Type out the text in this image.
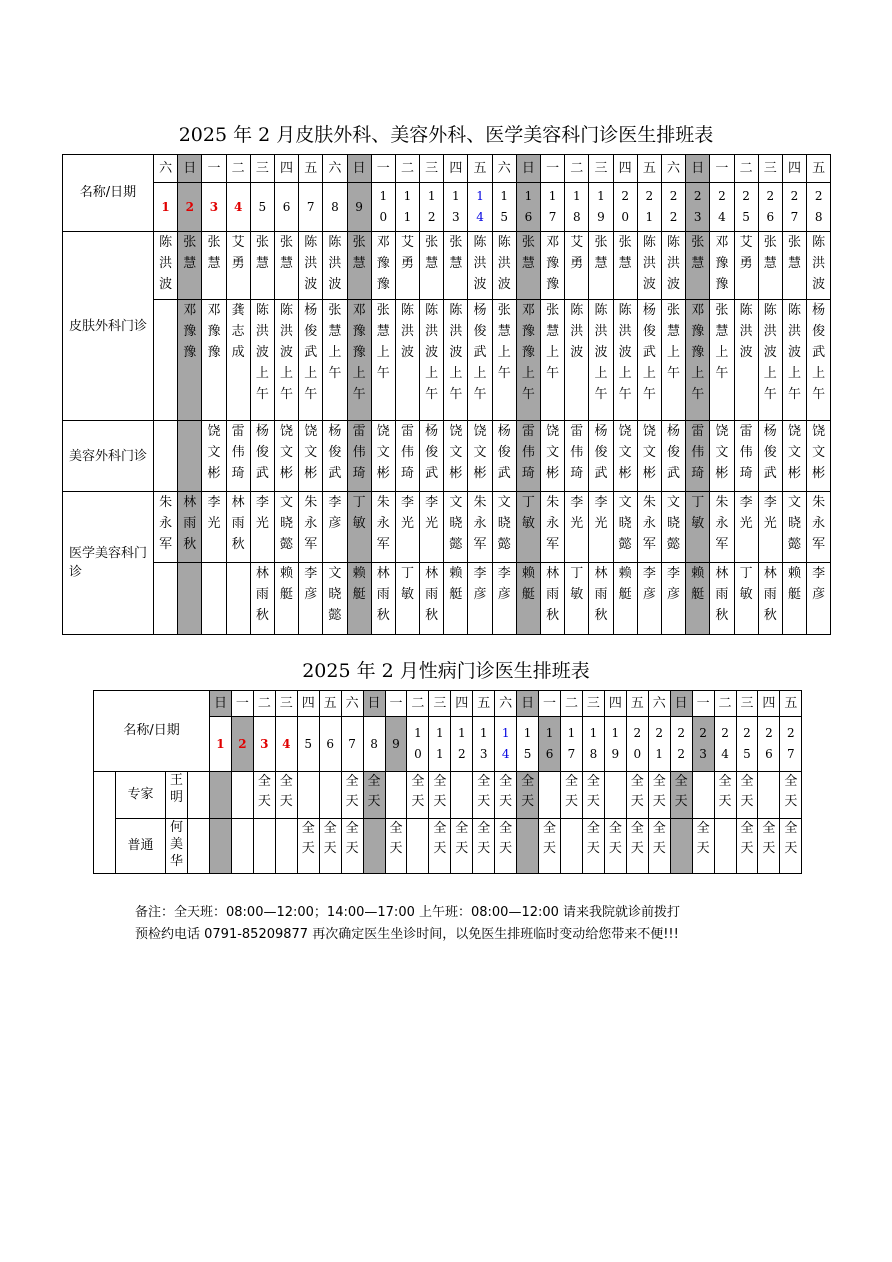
2025 年 2 月皮肤外科、美容外科、医学美容科门诊医生排班表
名称/日期	六	日	一	二	三	四	五	六	日	一	二	三	四	五	六	日	一	二	三	四	五	六	日	一	二	三	四	五
	1	2	3	4	5	6	7	8	9	10	11	12	13	14	15	16	17	18	19	20	21	22	23	24	25	26	27	28

皮肤外科门诊	陈洪波	张慧	张慧	艾勇	张慧	张慧	陈洪波	陈洪波	张慧	邓豫豫	艾勇	张慧	张慧	陈洪波	陈洪波	张慧	邓豫豫	艾勇	张慧	张慧	陈洪波	陈洪波	张慧	邓豫豫	艾勇	张慧	张慧	陈洪波

		邓豫豫	邓豫豫	龚志成	陈洪波上午	陈洪波上午	杨俊武上午	张慧上午	邓豫豫上午	张慧上午	陈洪波	陈洪波上午	陈洪波上午	杨俊武上午	张慧上午	邓豫豫上午	张慧上午	陈洪波	陈洪波上午	陈洪波上午	杨俊武上午	张慧上午	邓豫豫上午	张慧上午	陈洪波	陈洪波上午	陈洪波上午	杨俊武上午

美容外科门诊			饶文彬	雷伟琦	杨俊武	饶文彬	饶文彬	杨俊武	雷伟琦	饶文彬	雷伟琦	杨俊武	饶文彬	饶文彬	杨俊武	雷伟琦	饶文彬	雷伟琦	杨俊武	饶文彬	饶文彬	杨俊武	雷伟琦	饶文彬	雷伟琦	杨俊武	饶文彬	饶文彬

医学美容科门诊	朱永军	林雨秋	李光	林雨秋	李光	文晓懿	朱永军	李彦	丁敏	朱永军	李光	李光	文晓懿	朱永军	文晓懿	丁敏	朱永军	李光	李光	文晓懿	朱永军	文晓懿	丁敏	朱永军	李光	李光	文晓懿	朱永军

					林雨秋	赖艇	李彦	文晓懿	赖艇	林雨秋	丁敏	林雨秋	赖艇	李彦	李彦	赖艇	林雨秋	丁敏	林雨秋	赖艇	李彦	李彦	赖艇	林雨秋	丁敏	林雨秋	赖艇	李彦
2025 年 2 月性病门诊医生排班表
名称/日期				日	一	二	三	四	五	六	日	一	二	三	四	五	六	日	一	二	三	四	五	六	日	一	二	三	四	五	
				1	2	3	4	5	6	7	8	9	10	11	12	13	14	15	16	17	18	19	20	21	22	23	24	25	26	27

	专家	王明				全天	全天			全天	全天		全天	全天		全天	全天	全天		全天	全天		全天	全天	全天		全天	全天		全天	

	普通	何美华						全天	全天	全天		全天		全天	全天	全天	全天		全天		全天	全天	全天	全天		全天		全天	全天	全天	
备注：全天班：08:00—12:00；14:00—17:00 上午班：08:00—12:00 请来我院就诊前拨打
预检约电话 0791-85209877 再次确定医生坐诊时间，以免医生排班临时变动给您带来不便!!!
